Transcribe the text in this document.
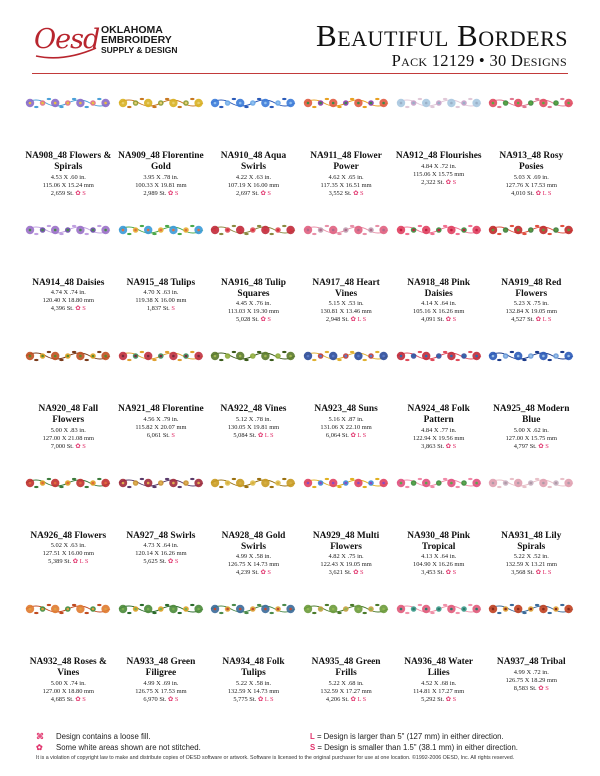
Oesd OKLAHOMA
EMBROIDERY
SUPPLY & DESIGN	Beautiful Borders
Pack 12129 • 30 Designs
NA908_48 Flowers & Spirals
4.53 X .60 in.
115.06 X 15.24 mm
2,659 St. ✿ S
NA909_48 Florentine Gold
3.95 X .78 in.
100.33 X 19.81 mm
2,989 St. ✿ S
NA910_48 Aqua Swirls
4.22 X .63 in.
107.19 X 16.00 mm
2,697 St. ✿ S
NA911_48 Flower Power
4.62 X .65 in.
117.35 X 16.51 mm
3,552 St. ✿ S
NA912_48 Flourishes
4.84 X .72 in.
115.06 X 15.75 mm
2,322 St. ✿ S
NA913_48 Rosy Posies
5.03 X .69 in.
127.76 X 17.53 mm
4,010 St. ✿ L S
NA914_48 Daisies
4.74 X .74 in.
120.40 X 18.80 mm
4,396 St. ✿ S
NA915_48 Tulips
4.70 X .63 in.
119.38 X 16.00 mm
1,837 St. S
NA916_48 Tulip Squares
4.45 X .76 in.
113.03 X 19.30 mm
5,028 St. ✿ S
NA917_48 Heart Vines
5.15 X .53 in.
130.81 X 13.46 mm
2,948 St. ✿ L S
NA918_48 Pink Daisies
4.14 X .64 in.
105.16 X 16.26 mm
4,091 St. ✿ S
NA919_48 Red Flowers
5.23 X .75 in.
132.84 X 19.05 mm
4,527 St. ✿ L S
NA920_48 Fall Flowers
5.00 X .83 in.
127.00 X 21.08 mm
7,000 St. ✿ S
NA921_48 Florentine
4.56 X .79 in.
115.82 X 20.07 mm
6,061 St. S
NA922_48 Vines
5.12 X .78 in.
130.05 X 19.81 mm
5,084 St. ✿ L S
NA923_48 Suns
5.16 X .87 in.
131.06 X 22.10 mm
6,064 St. ✿ L S
NA924_48 Folk Pattern
4.84 X .77 in.
122.94 X 19.56 mm
3,863 St. ✿ S
NA925_48 Modern Blue
5.00 X .62 in.
127.00 X 15.75 mm
4,797 St. ✿ S
NA926_48 Flowers
5.02 X .63 in.
127.51 X 16.00 mm
5,389 St. ✿ L S
NA927_48 Swirls
4.73 X .64 in.
120.14 X 16.26 mm
5,625 St. ✿ S
NA928_48 Gold Swirls
4.99 X .58 in.
126.75 X 14.73 mm
4,239 St. ✿ S
NA929_48 Multi Flowers
4.82 X .75 in.
122.43 X 19.05 mm
3,621 St. ✿ S
NA930_48 Pink Tropical
4.13 X .64 in.
104.90 X 16.26 mm
3,453 St. ✿ S
NA931_48 Lily Spirals
5.22 X .52 in.
132.59 X 13.21 mm
3,568 St. ✿ L S
NA932_48 Roses & Vines
5.00 X .74 in.
127.00 X 18.80 mm
4,685 St. ✿ S
NA933_48 Green Filigree
4.99 X .69 in.
126.75 X 17.53 mm
6,970 St. ✿ S
NA934_48 Folk Tulips
5.22 X .58 in.
132.59 X 14.73 mm
5,775 St. ✿ L S
NA935_48 Green Frills
5.22 X .68 in.
132.59 X 17.27 mm
4,206 St. ✿ L S
NA936_48 Water Lilies
4.52 X .68 in.
114.81 X 17.27 mm
5,292 St. ✿ S
NA937_48 Tribal
4.99 X .72 in.
126.75 X 18.29 mm
8,583 St. ✿ S
⌘ Design contains a loose fill.
✿ Some white areas shown are not stitched.
L = Design is larger than 5" (127 mm) in either direction.
S = Design is smaller than 1.5" (38.1 mm) in either direction.
It is a violation of copyright law to make and distribute copies of OESD software or artwork. Software is licensed to the original purchaser for use at one location. ©1992-2006 OESD, Inc. All rights reserved.
